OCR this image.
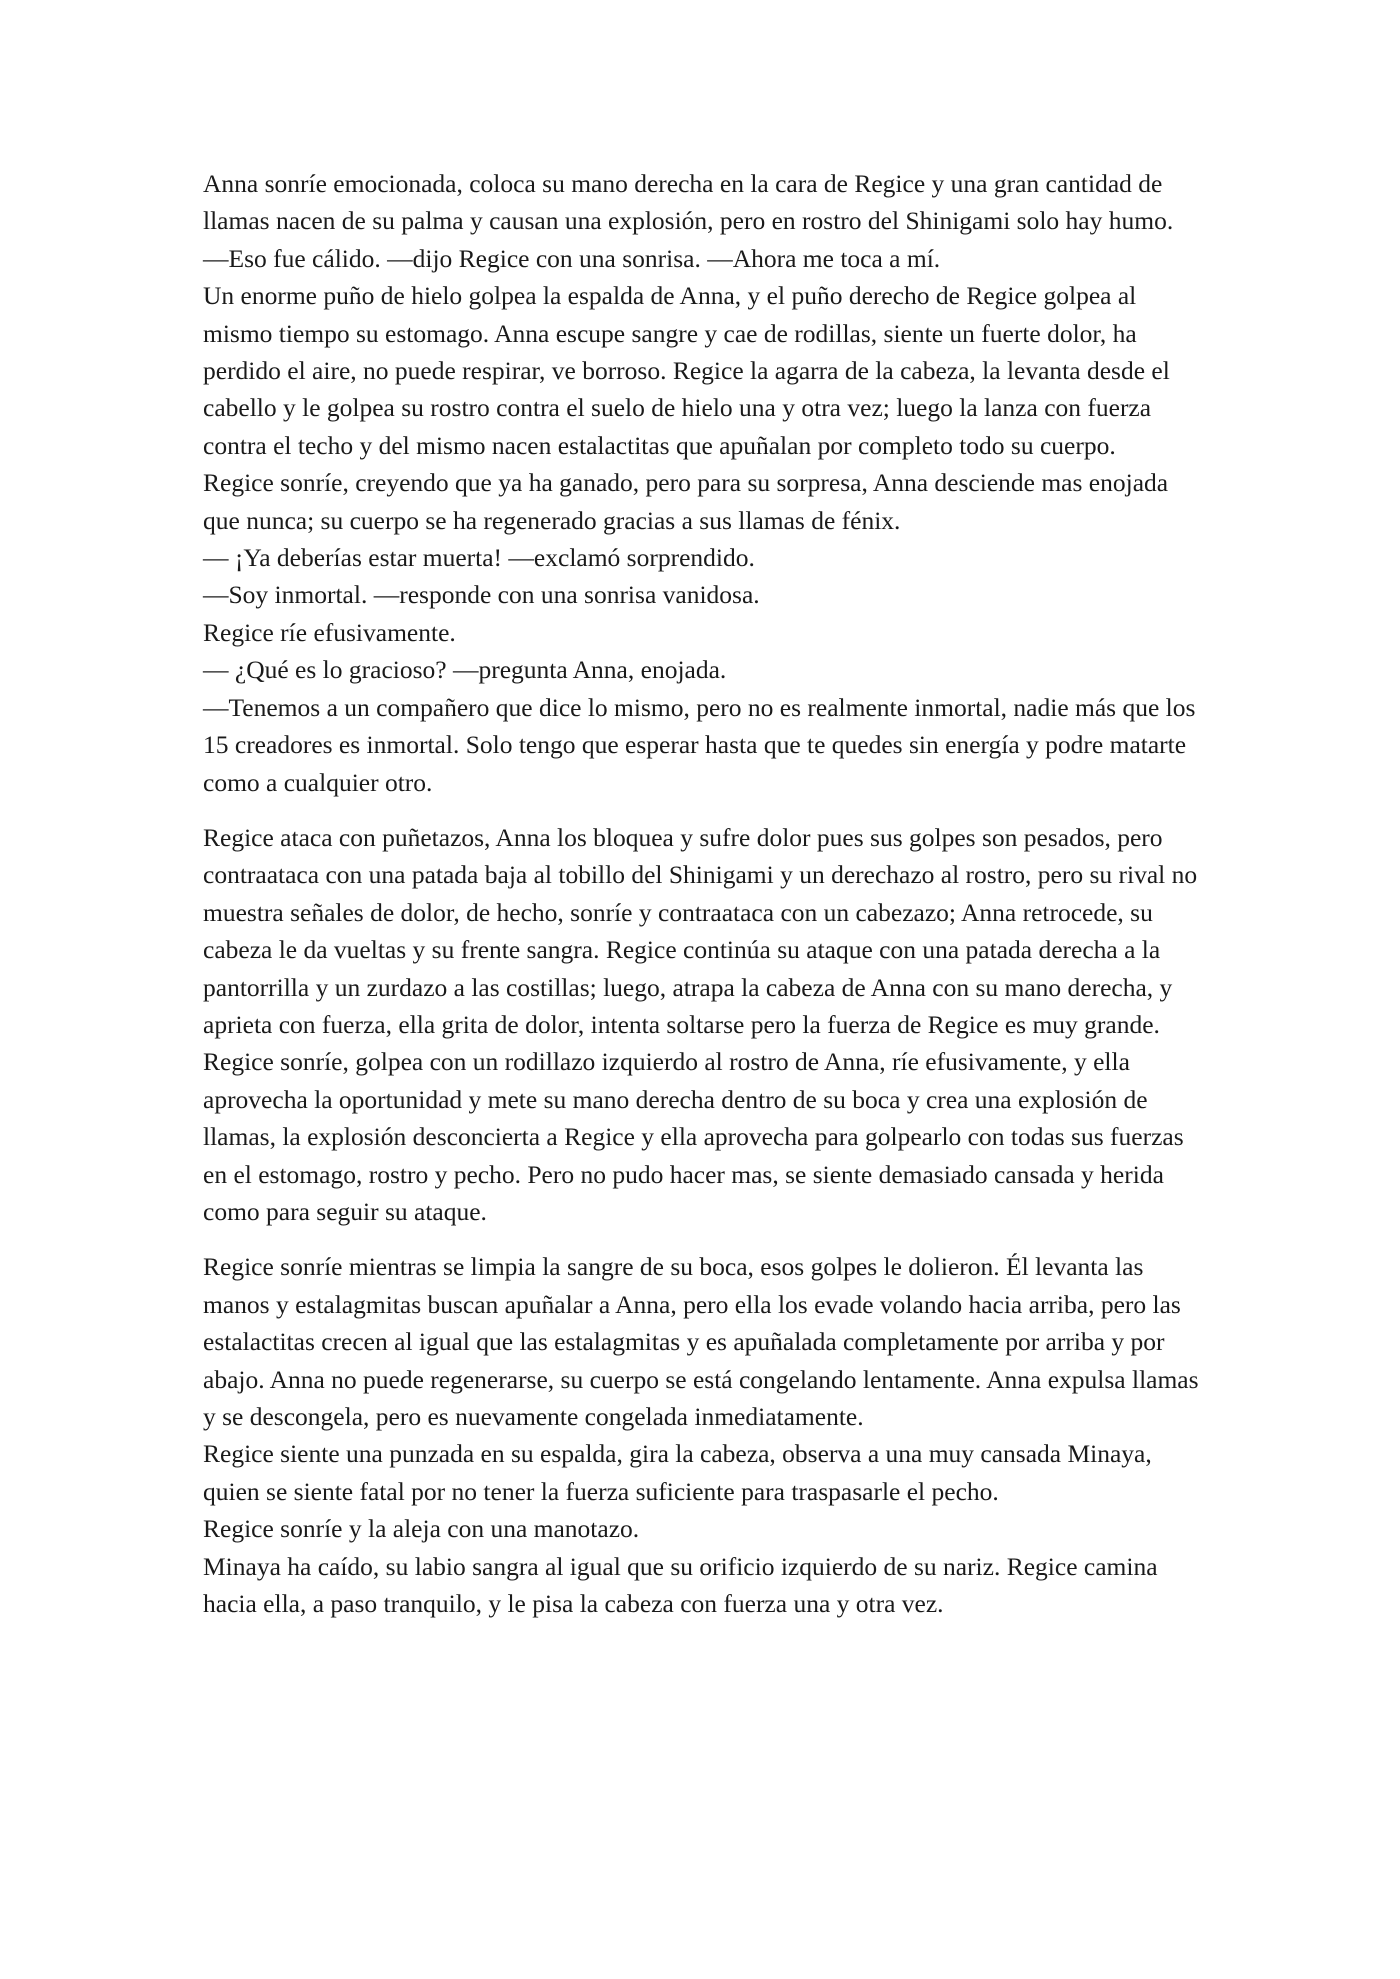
Anna sonríe emocionada, coloca su mano derecha en la cara de Regice y una gran cantidad de llamas nacen de su palma y causan una explosión, pero en rostro del Shinigami solo hay humo.

—Eso fue cálido. —dijo Regice con una sonrisa. —Ahora me toca a mí.

Un enorme puño de hielo golpea la espalda de Anna, y el puño derecho de Regice golpea al mismo tiempo su estomago. Anna escupe sangre y cae de rodillas, siente un fuerte dolor, ha perdido el aire, no puede respirar, ve borroso. Regice la agarra de la cabeza, la levanta desde el cabello y le golpea su rostro contra el suelo de hielo una y otra vez; luego la lanza con fuerza contra el techo y del mismo nacen estalactitas que apuñalan por completo todo su cuerpo.

Regice sonríe, creyendo que ya ha ganado, pero para su sorpresa, Anna desciende mas enojada que nunca; su cuerpo se ha regenerado gracias a sus llamas de fénix.

— ¡Ya deberías estar muerta! —exclamó sorprendido.

—Soy inmortal. —responde con una sonrisa vanidosa.

Regice ríe efusivamente.

— ¿Qué es lo gracioso? —pregunta Anna, enojada.

—Tenemos a un compañero que dice lo mismo, pero no es realmente inmortal, nadie más que los 15 creadores es inmortal. Solo tengo que esperar hasta que te quedes sin energía y podre matarte como a cualquier otro.

Regice ataca con puñetazos, Anna los bloquea y sufre dolor pues sus golpes son pesados, pero contraataca con una patada baja al tobillo del Shinigami y un derechazo al rostro, pero su rival no muestra señales de dolor, de hecho, sonríe y contraataca con un cabezazo; Anna retrocede, su cabeza le da vueltas y su frente sangra. Regice continúa su ataque con una patada derecha a la pantorrilla y un zurdazo a las costillas; luego, atrapa la cabeza de Anna con su mano derecha, y aprieta con fuerza, ella grita de dolor, intenta soltarse pero la fuerza de Regice es muy grande.

Regice sonríe, golpea con un rodillazo izquierdo al rostro de Anna, ríe efusivamente, y ella aprovecha la oportunidad y mete su mano derecha dentro de su boca y crea una explosión de llamas, la explosión desconcierta a Regice y ella aprovecha para golpearlo con todas sus fuerzas en el estomago, rostro y pecho. Pero no pudo hacer mas, se siente demasiado cansada y herida como para seguir su ataque.

Regice sonríe mientras se limpia la sangre de su boca, esos golpes le dolieron. Él levanta las manos y estalagmitas buscan apuñalar a Anna, pero ella los evade volando hacia arriba, pero las estalactitas crecen al igual que las estalagmitas y es apuñalada completamente por arriba y por abajo. Anna no puede regenerarse, su cuerpo se está congelando lentamente. Anna expulsa llamas y se descongela, pero es nuevamente congelada inmediatamente.

Regice siente una punzada en su espalda, gira la cabeza, observa a una muy cansada Minaya, quien se siente fatal por no tener la fuerza suficiente para traspasarle el pecho.

Regice sonríe y la aleja con una manotazo.

Minaya ha caído, su labio sangra al igual que su orificio izquierdo de su nariz. Regice camina hacia ella, a paso tranquilo, y le pisa la cabeza con fuerza una y otra vez.
